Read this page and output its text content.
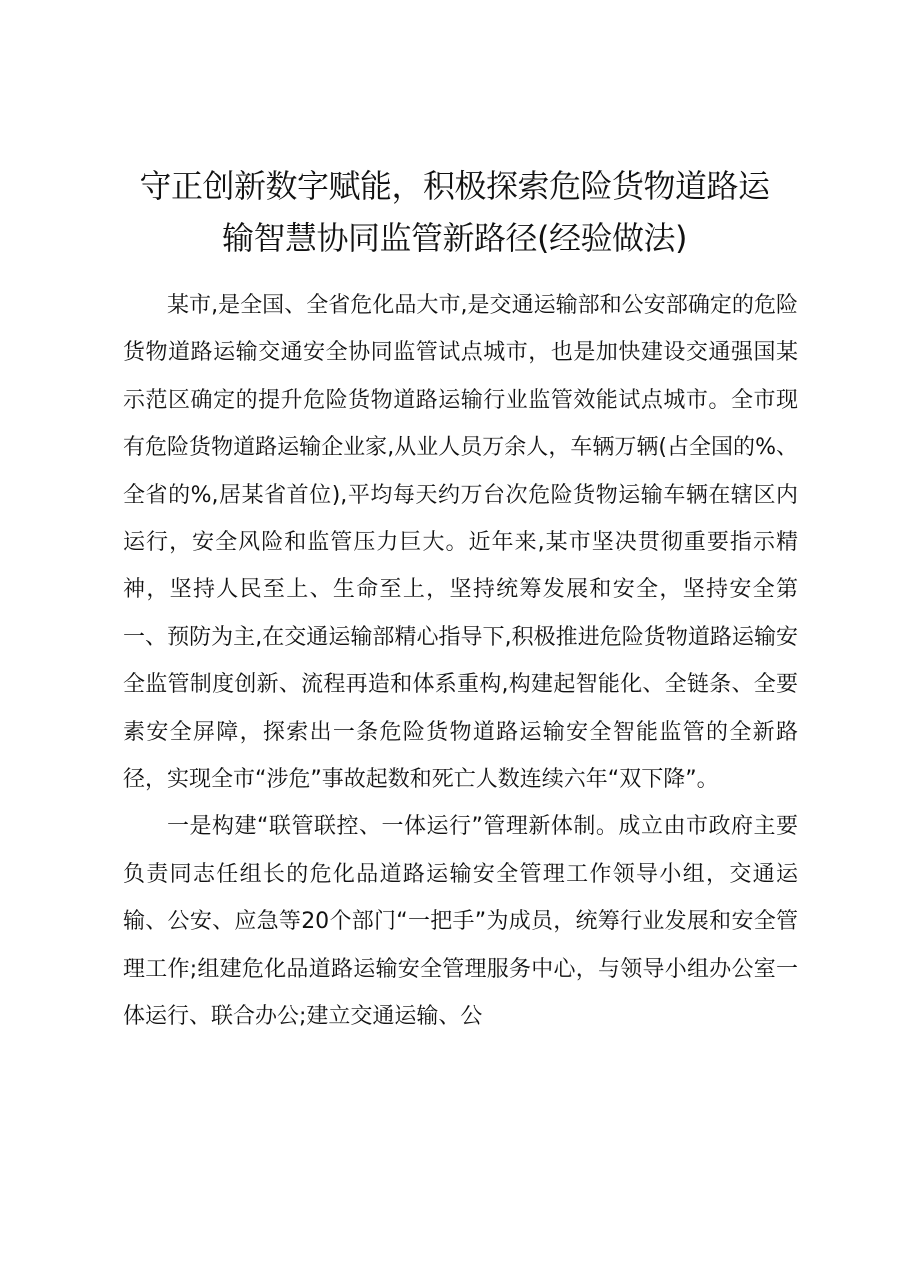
守正创新数字赋能，积极探索危险货物道路运
输智慧协同监管新路径(经验做法)

某市,是全国、全省危化品大市,是交通运输部和公安部确定的危险货物道路运输交通安全协同监管试点城市，也是加快建设交通强国某示范区确定的提升危险货物道路运输行业监管效能试点城市。全市现有危险货物道路运输企业家,从业人员万余人，车辆万辆(占全国的%、全省的%,居某省首位),平均每天约万台次危险货物运输车辆在辖区内运行，安全风险和监管压力巨大。近年来,某市坚决贯彻重要指示精神，坚持人民至上、生命至上，坚持统筹发展和安全，坚持安全第一、预防为主,在交通运输部精心指导下,积极推进危险货物道路运输安全监管制度创新、流程再造和体系重构,构建起智能化、全链条、全要素安全屏障，探索出一条危险货物道路运输安全智能监管的全新路径，实现全市“涉危”事故起数和死亡人数连续六年“双下降”。

一是构建“联管联控、一体运行”管理新体制。成立由市政府主要负责同志任组长的危化品道路运输安全管理工作领导小组，交通运输、公安、应急等20个部门“一把手”为成员，统筹行业发展和安全管理工作;组建危化品道路运输安全管理服务中心，与领导小组办公室一体运行、联合办公;建立交通运输、公
